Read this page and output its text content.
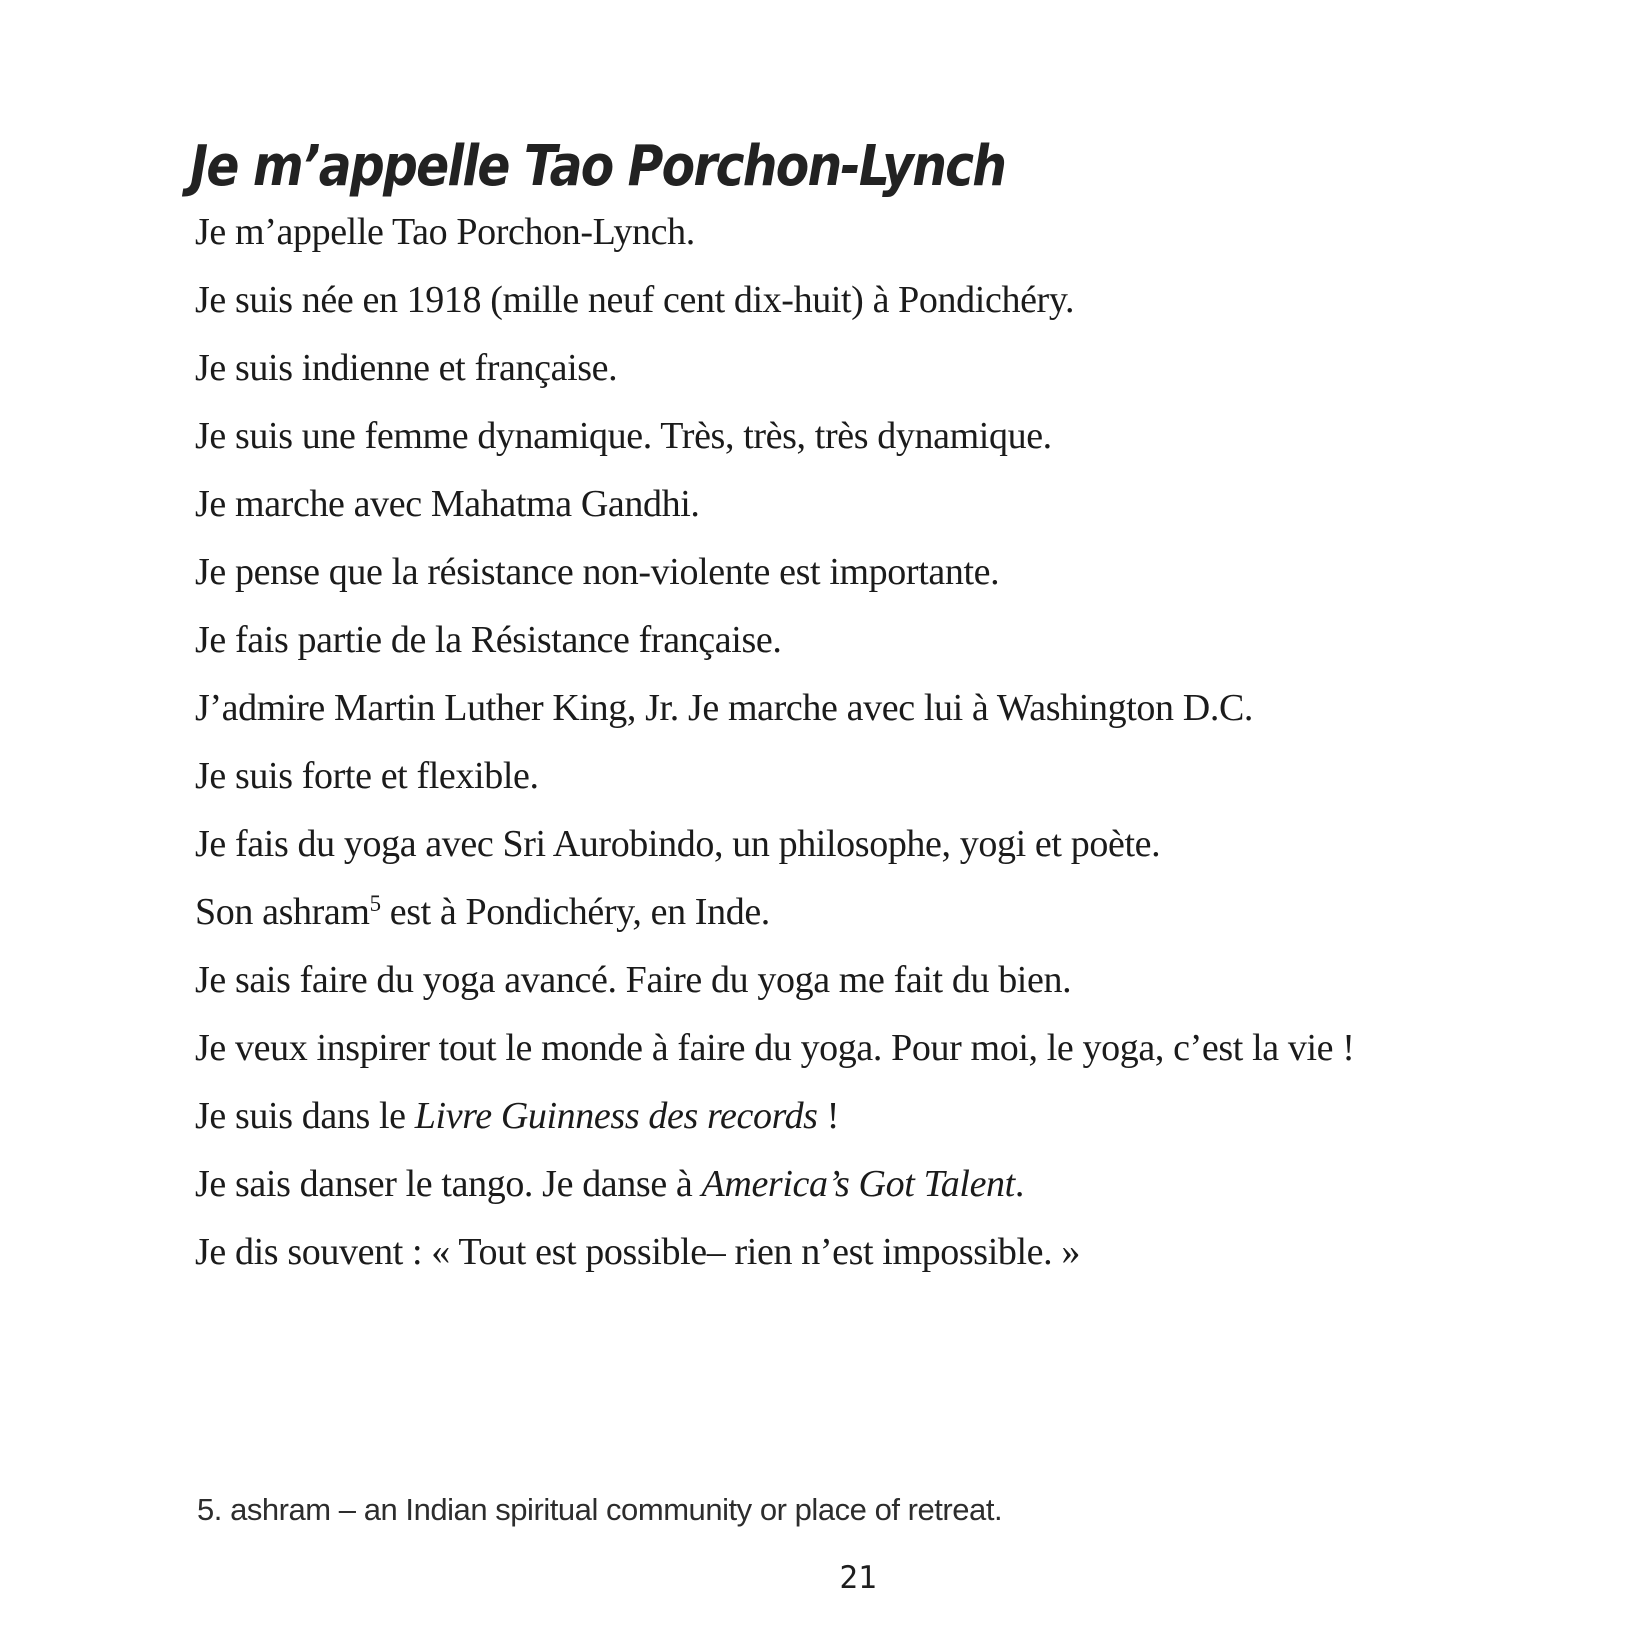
Je m’appelle Tao Porchon-Lynch

Je m’appelle Tao Porchon-Lynch.

Je suis née en 1918 (mille neuf cent dix-huit) à Pondichéry.

Je suis indienne et française.

Je suis une femme dynamique. Très, très, très dynamique.

Je marche avec Mahatma Gandhi.

Je pense que la résistance non-violente est importante.

Je fais partie de la Résistance française.

J’admire Martin Luther King, Jr. Je marche avec lui à Washington D.C.

Je suis forte et flexible.

Je fais du yoga avec Sri Aurobindo, un philosophe, yogi et poète.

Son ashram$^5$ est à Pondichéry, en Inde.

Je sais faire du yoga avancé. Faire du yoga me fait du bien.

Je veux inspirer tout le monde à faire du yoga. Pour moi, le yoga, c’est la vie !

Je suis dans le Livre Guinness des records !

Je sais danser le tango. Je danse à America’s Got Talent.

Je dis souvent : « Tout est possible– rien n’est impossible. »

5. ashram – an Indian spiritual community or place of retreat.
21
